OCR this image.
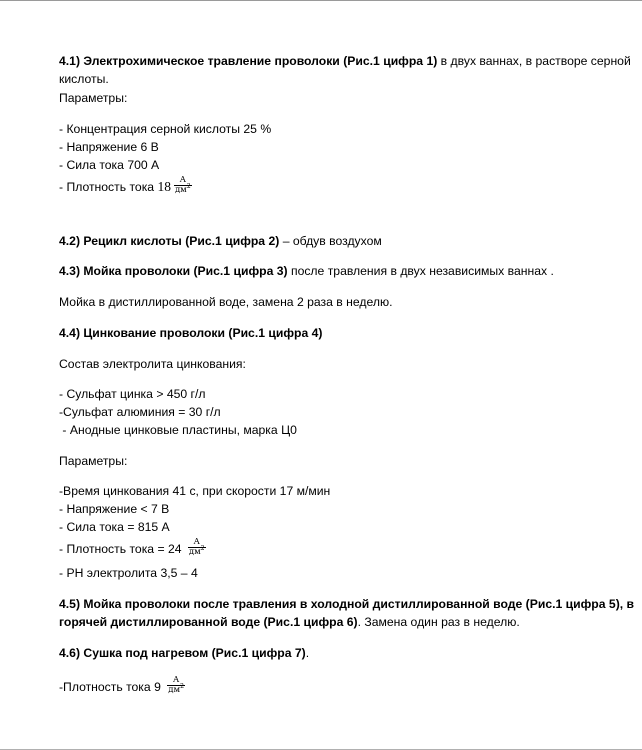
4.1) Электрохимическое травление проволоки (Рис.1 цифра 1) в двух ваннах, в растворе серной
кислоты.
Параметры:
- Концентрация серной кислоты 25 %
- Напряжение 6 В
- Сила тока 700 А
- Плотность тока $18 \frac{А}{дм^2}$
4.2) Рецикл кислоты (Рис.1 цифра 2) – обдув воздухом
4.3) Мойка проволоки (Рис.1 цифра 3) после травления в двух независимых ваннах .
Мойка в дистиллированной воде, замена 2 раза в неделю.
4.4) Цинкование проволоки (Рис.1 цифра 4)
Состав электролита цинкования:
- Сульфат цинка > 450 г/л
-Сульфат алюминия = 30 г/л
- Анодные цинковые пластины, марка Ц0
Параметры:
-Время цинкования 41 с, при скорости 17 м/мин
- Напряжение < 7 В
- Сила тока = 815 А
- Плотность тока = $24 \frac{А}{дм^2}$
- PH электролита 3,5 – 4
4.5) Мойка проволоки после травления в холодной дистиллированной воде (Рис.1 цифра 5), в
горячей дистиллированной воде (Рис.1 цифра 6). Замена один раз в неделю.
4.6) Сушка под нагревом (Рис.1 цифра 7).
-Плотность тока $9 \frac{А}{дм^2}$
